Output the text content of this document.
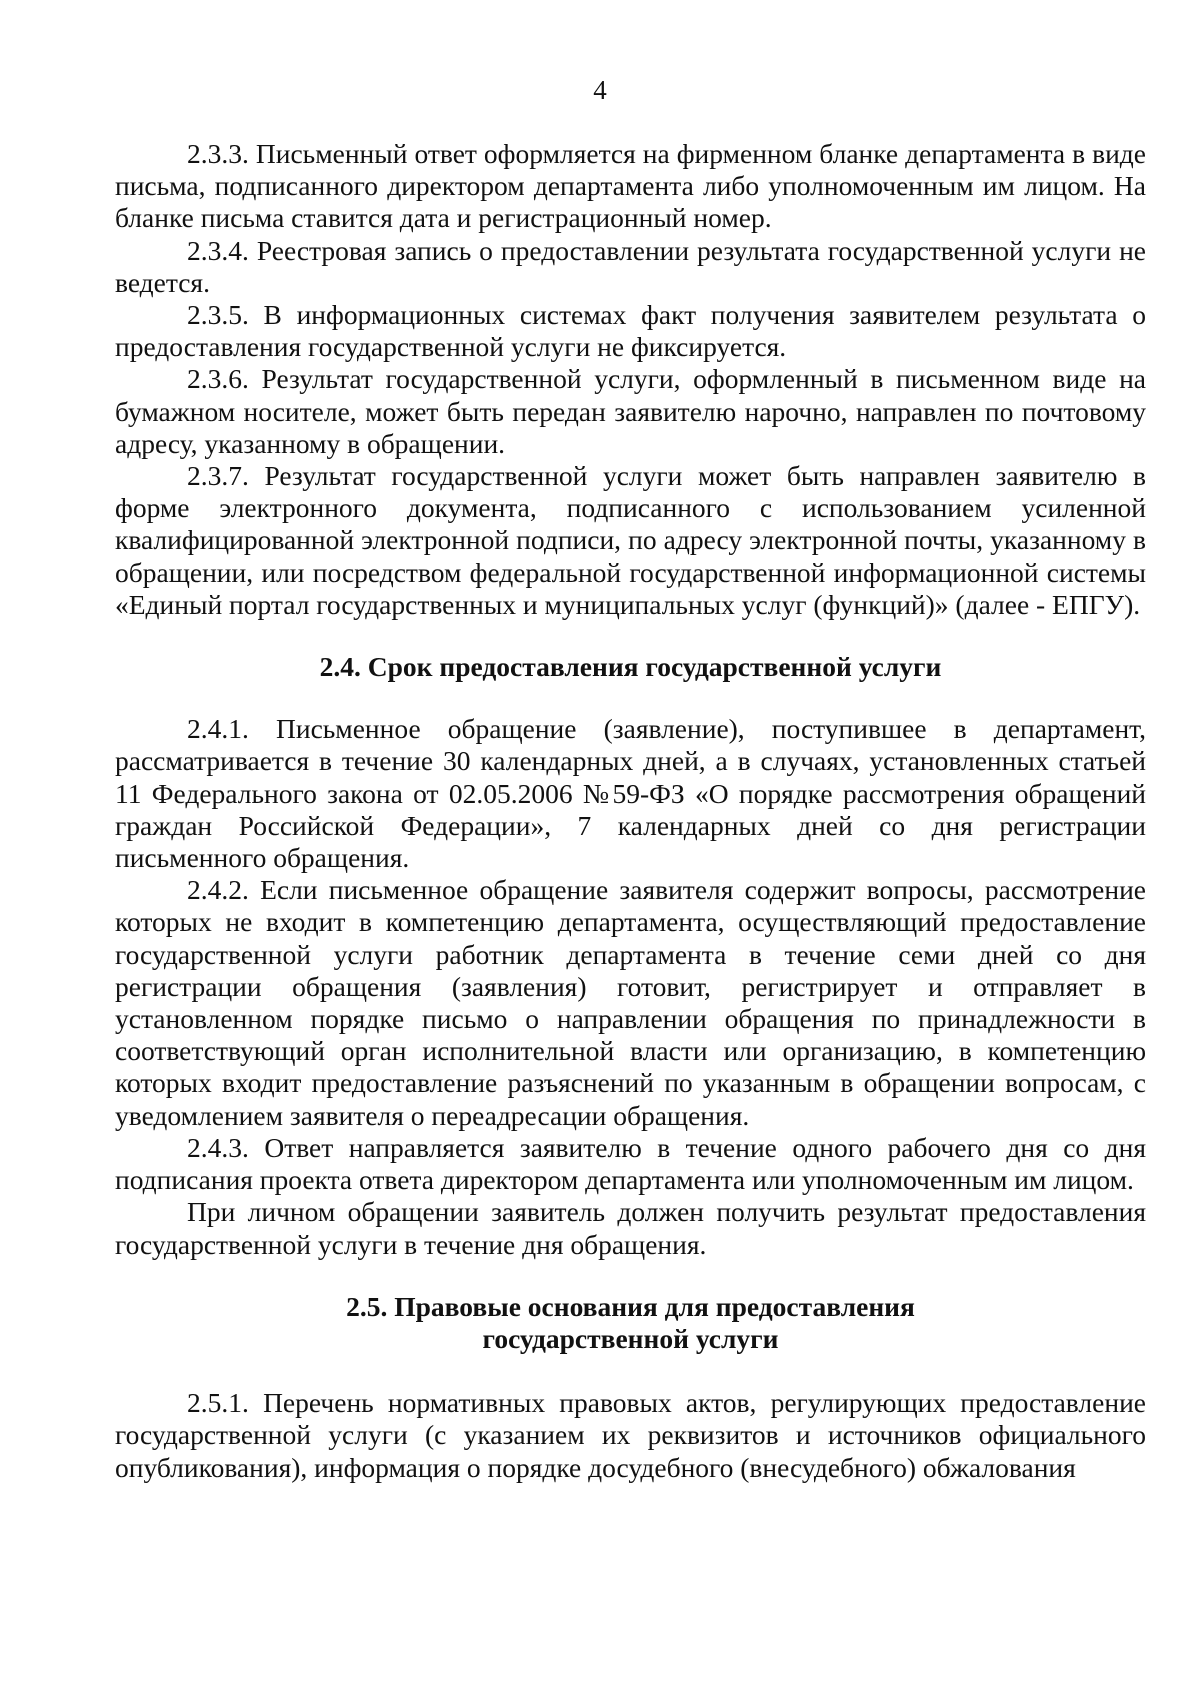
4

2.3.3. Письменный ответ оформляется на фирменном бланке департамента в виде письма, подписанного директором департамента либо уполномоченным им лицом. На бланке письма ставится дата и регистрационный номер.

2.3.4. Реестровая запись о предоставлении результата государственной услуги не ведется.

2.3.5. В информационных системах факт получения заявителем результата о предоставления государственной услуги не фиксируется.

2.3.6. Результат государственной услуги, оформленный в письменном виде на бумажном носителе, может быть передан заявителю нарочно, направлен по почтовому адресу, указанному в обращении.

2.3.7. Результат государственной услуги может быть направлен заявителю в форме электронного документа, подписанного с использованием усиленной квалифицированной электронной подписи, по адресу электронной почты, указанному в обращении, или посредством федеральной государственной информационной системы «Единый портал государственных и муниципальных услуг (функций)» (далее - ЕПГУ).

2.4. Срок предоставления государственной услуги

2.4.1. Письменное обращение (заявление), поступившее в департамент, рассматривается в течение 30 календарных дней, а в случаях, установленных статьей 11 Федерального закона от 02.05.2006 №59-ФЗ «О порядке рассмотрения обращений граждан Российской Федерации», 7 календарных дней со дня регистрации письменного обращения.

2.4.2. Если письменное обращение заявителя содержит вопросы, рассмотрение которых не входит в компетенцию департамента, осуществляющий предоставление государственной услуги работник департамента в течение семи дней со дня регистрации обращения (заявления) готовит, регистрирует и отправляет в установленном порядке письмо о направлении обращения по принадлежности в соответствующий орган исполнительной власти или организацию, в компетенцию которых входит предоставление разъяснений по указанным в обращении вопросам, с уведомлением заявителя о переадресации обращения.

2.4.3. Ответ направляется заявителю в течение одного рабочего дня со дня подписания проекта ответа директором департамента или уполномоченным им лицом.

При личном обращении заявитель должен получить результат предоставления государственной услуги в течение дня обращения.

2.5. Правовые основания для предоставления
государственной услуги

2.5.1. Перечень нормативных правовых актов, регулирующих предоставление государственной услуги (с указанием их реквизитов и источников официального опубликования), информация о порядке досудебного (внесудебного) обжалования
